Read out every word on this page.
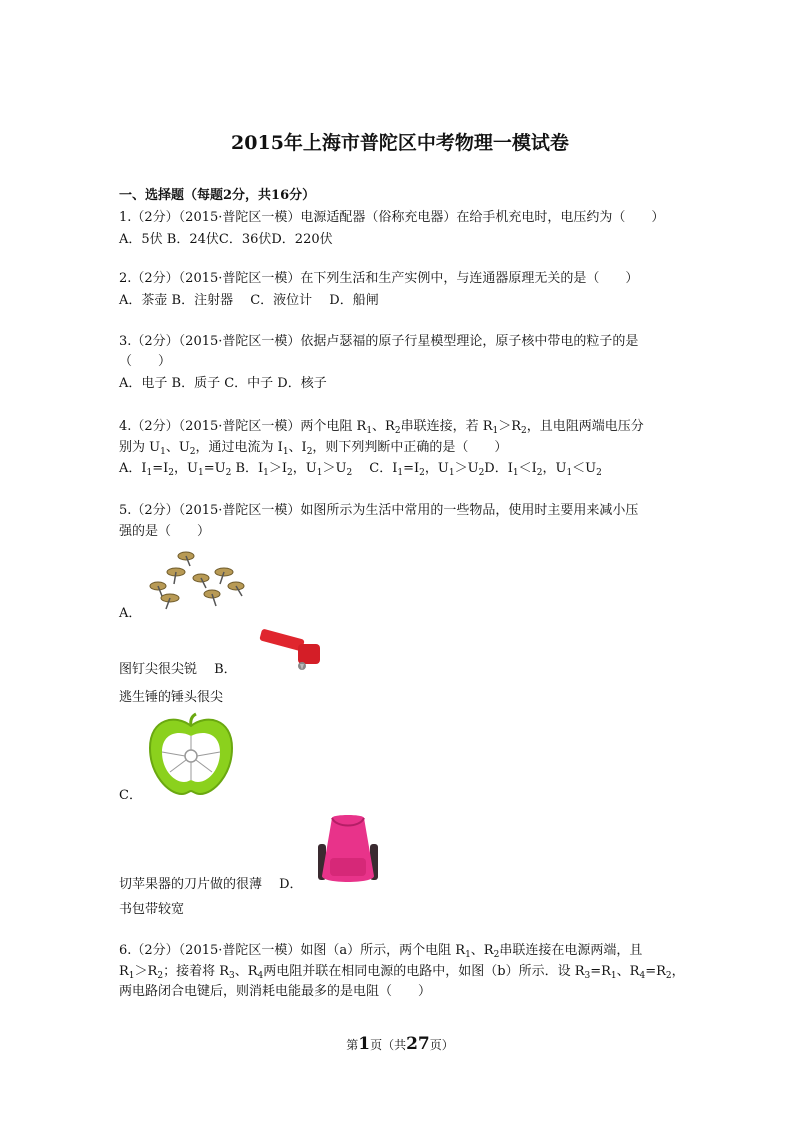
2015年上海市普陀区中考物理一模试卷
一、选择题（每题2分，共16分）
1.（2分）（2015·普陀区一模）电源适配器（俗称充电器）在给手机充电时，电压约为（　　）
A．5伏 B．24伏C．36伏D．220伏
2.（2分）（2015·普陀区一模）在下列生活和生产实例中，与连通器原理无关的是（　　）
A．茶壶 B．注射器　 C．液位计　 D．船闸
3.（2分）（2015·普陀区一模）依据卢瑟福的原子行星模型理论，原子核中带电的粒子的是
（　　）
A．电子 B．质子 C．中子 D．核子
4.（2分）（2015·普陀区一模）两个电阻 $R_1$、$R_2$串联连接，若 $R_1>R_2$，且电阻两端电压分
别为 $U_1$、$U_2$，通过电流为 $I_1$、$I_2$，则下列判断中正确的是（　　）
A．$I_1=I_2$，$U_1=U_2$ B．$I_1>I_2$，$U_1>U_2$　 C．$I_1=I_2$，$U_1>U_2D$．$I_1<I_2$，$U_1<U_2$
5.（2分）（2015·普陀区一模）如图所示为生活中常用的一些物品，使用时主要用来减小压
强的是（　　）
A．
图钉尖很尖锐　 B．
逃生锤的锤头很尖
C．
切苹果器的刀片做的很薄　 D．
书包带较宽
6.（2分）（2015·普陀区一模）如图（a）所示，两个电阻 $R_1$、$R_2$串联连接在电源两端，且
$R_1>R_2$；接着将 $R_3$、$R_4$两电阻并联在相同电源的电路中，如图（b）所示．设 $R_3=R_1$、$R_4=R_2$，
两电路闭合电键后，则消耗电能最多的是电阻（　　）
第1页（共27页）
